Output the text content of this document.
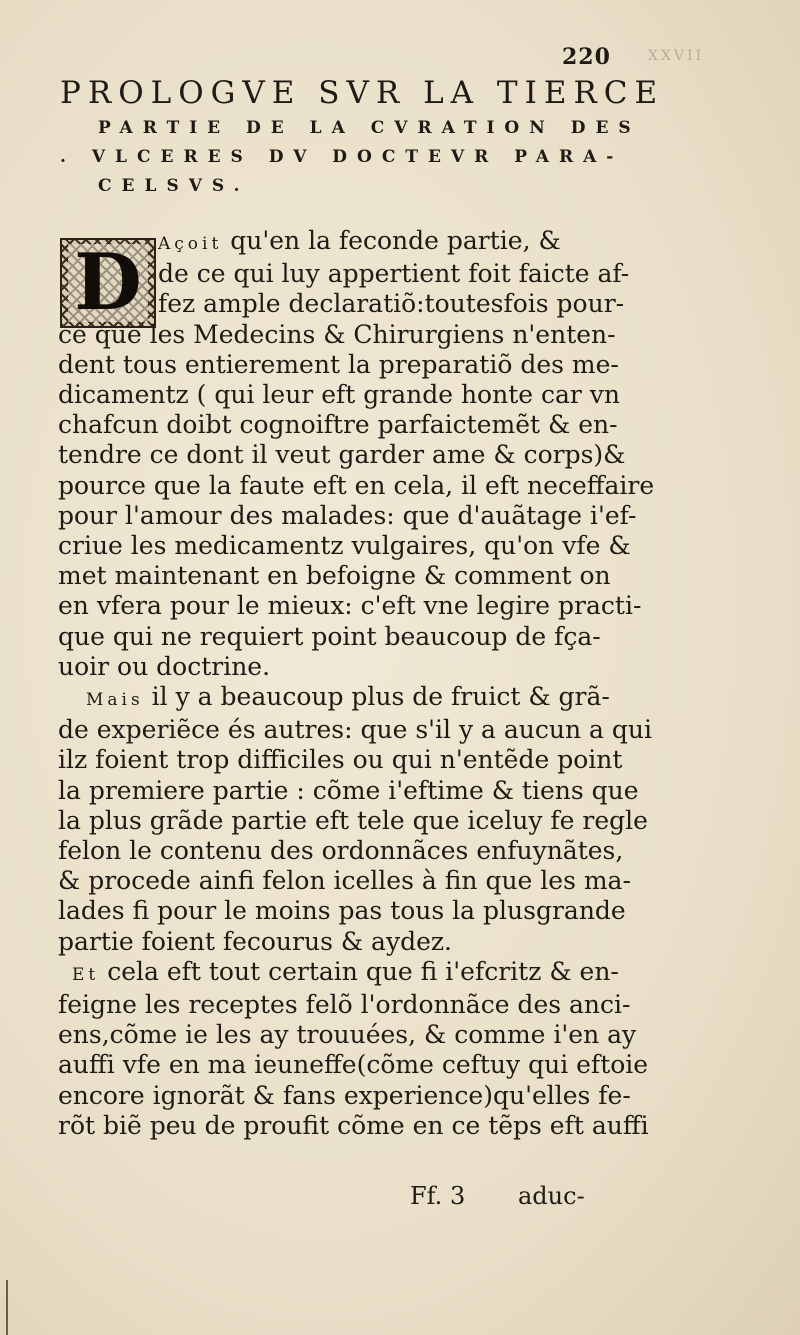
220	XXVII
PROLOGVE SVR LA TIERCE
PARTIE DE LA CVRATION DES
. VLCERES DV DOCTEVR PARA-
CELSVS.
D Açoit qu'en la feconde partie, &
de ce qui luy appertient foit faicte af-
fez ample declaratiõ:toutesfois pour-
ce que les Medecins & Chirurgiens n'enten-
dent tous entierement la preparatiõ des me-
dicamentz ( qui leur eft grande honte car vn
chafcun doibt cognoiftre parfaictemẽt & en-
tendre ce dont il veut garder ame & corps)&
pource que la faute eft en cela, il eft neceffaire
pour l'amour des malades: que d'auãtage i'ef-
criue les medicamentz vulgaires, qu'on vfe &
met maintenant en befoigne & comment on
en vfera pour le mieux: c'eft vne legire practi-
que qui ne requiert point beaucoup de fça-
uoir ou doctrine.
Mais il y a beaucoup plus de fruict & grã-
de experiẽce és autres: que s'il y a aucun a qui
ilz foient trop difficiles ou qui n'entẽde point
la premiere partie : cõme i'eftime & tiens que
la plus grãde partie eft tele que iceluy fe regle
felon le contenu des ordonnãces enfuynãtes,
& procede ainfi felon icelles à fin que les ma-
lades fi pour le moins pas tous la plusgrande
partie foient fecourus & aydez.
Et cela eft tout certain que fi i'efcritz & en-
feigne les receptes felõ l'ordonnãce des anci-
ens,cõme ie les ay trouuées, & comme i'en ay
auffi vfe en ma ieuneffe(cõme ceftuy qui eftoie
encore ignorãt & fans experience)qu'elles fe-
rõt biẽ peu de proufit cõme en ce tẽps eft auffi
Ff. 3 aduc-
